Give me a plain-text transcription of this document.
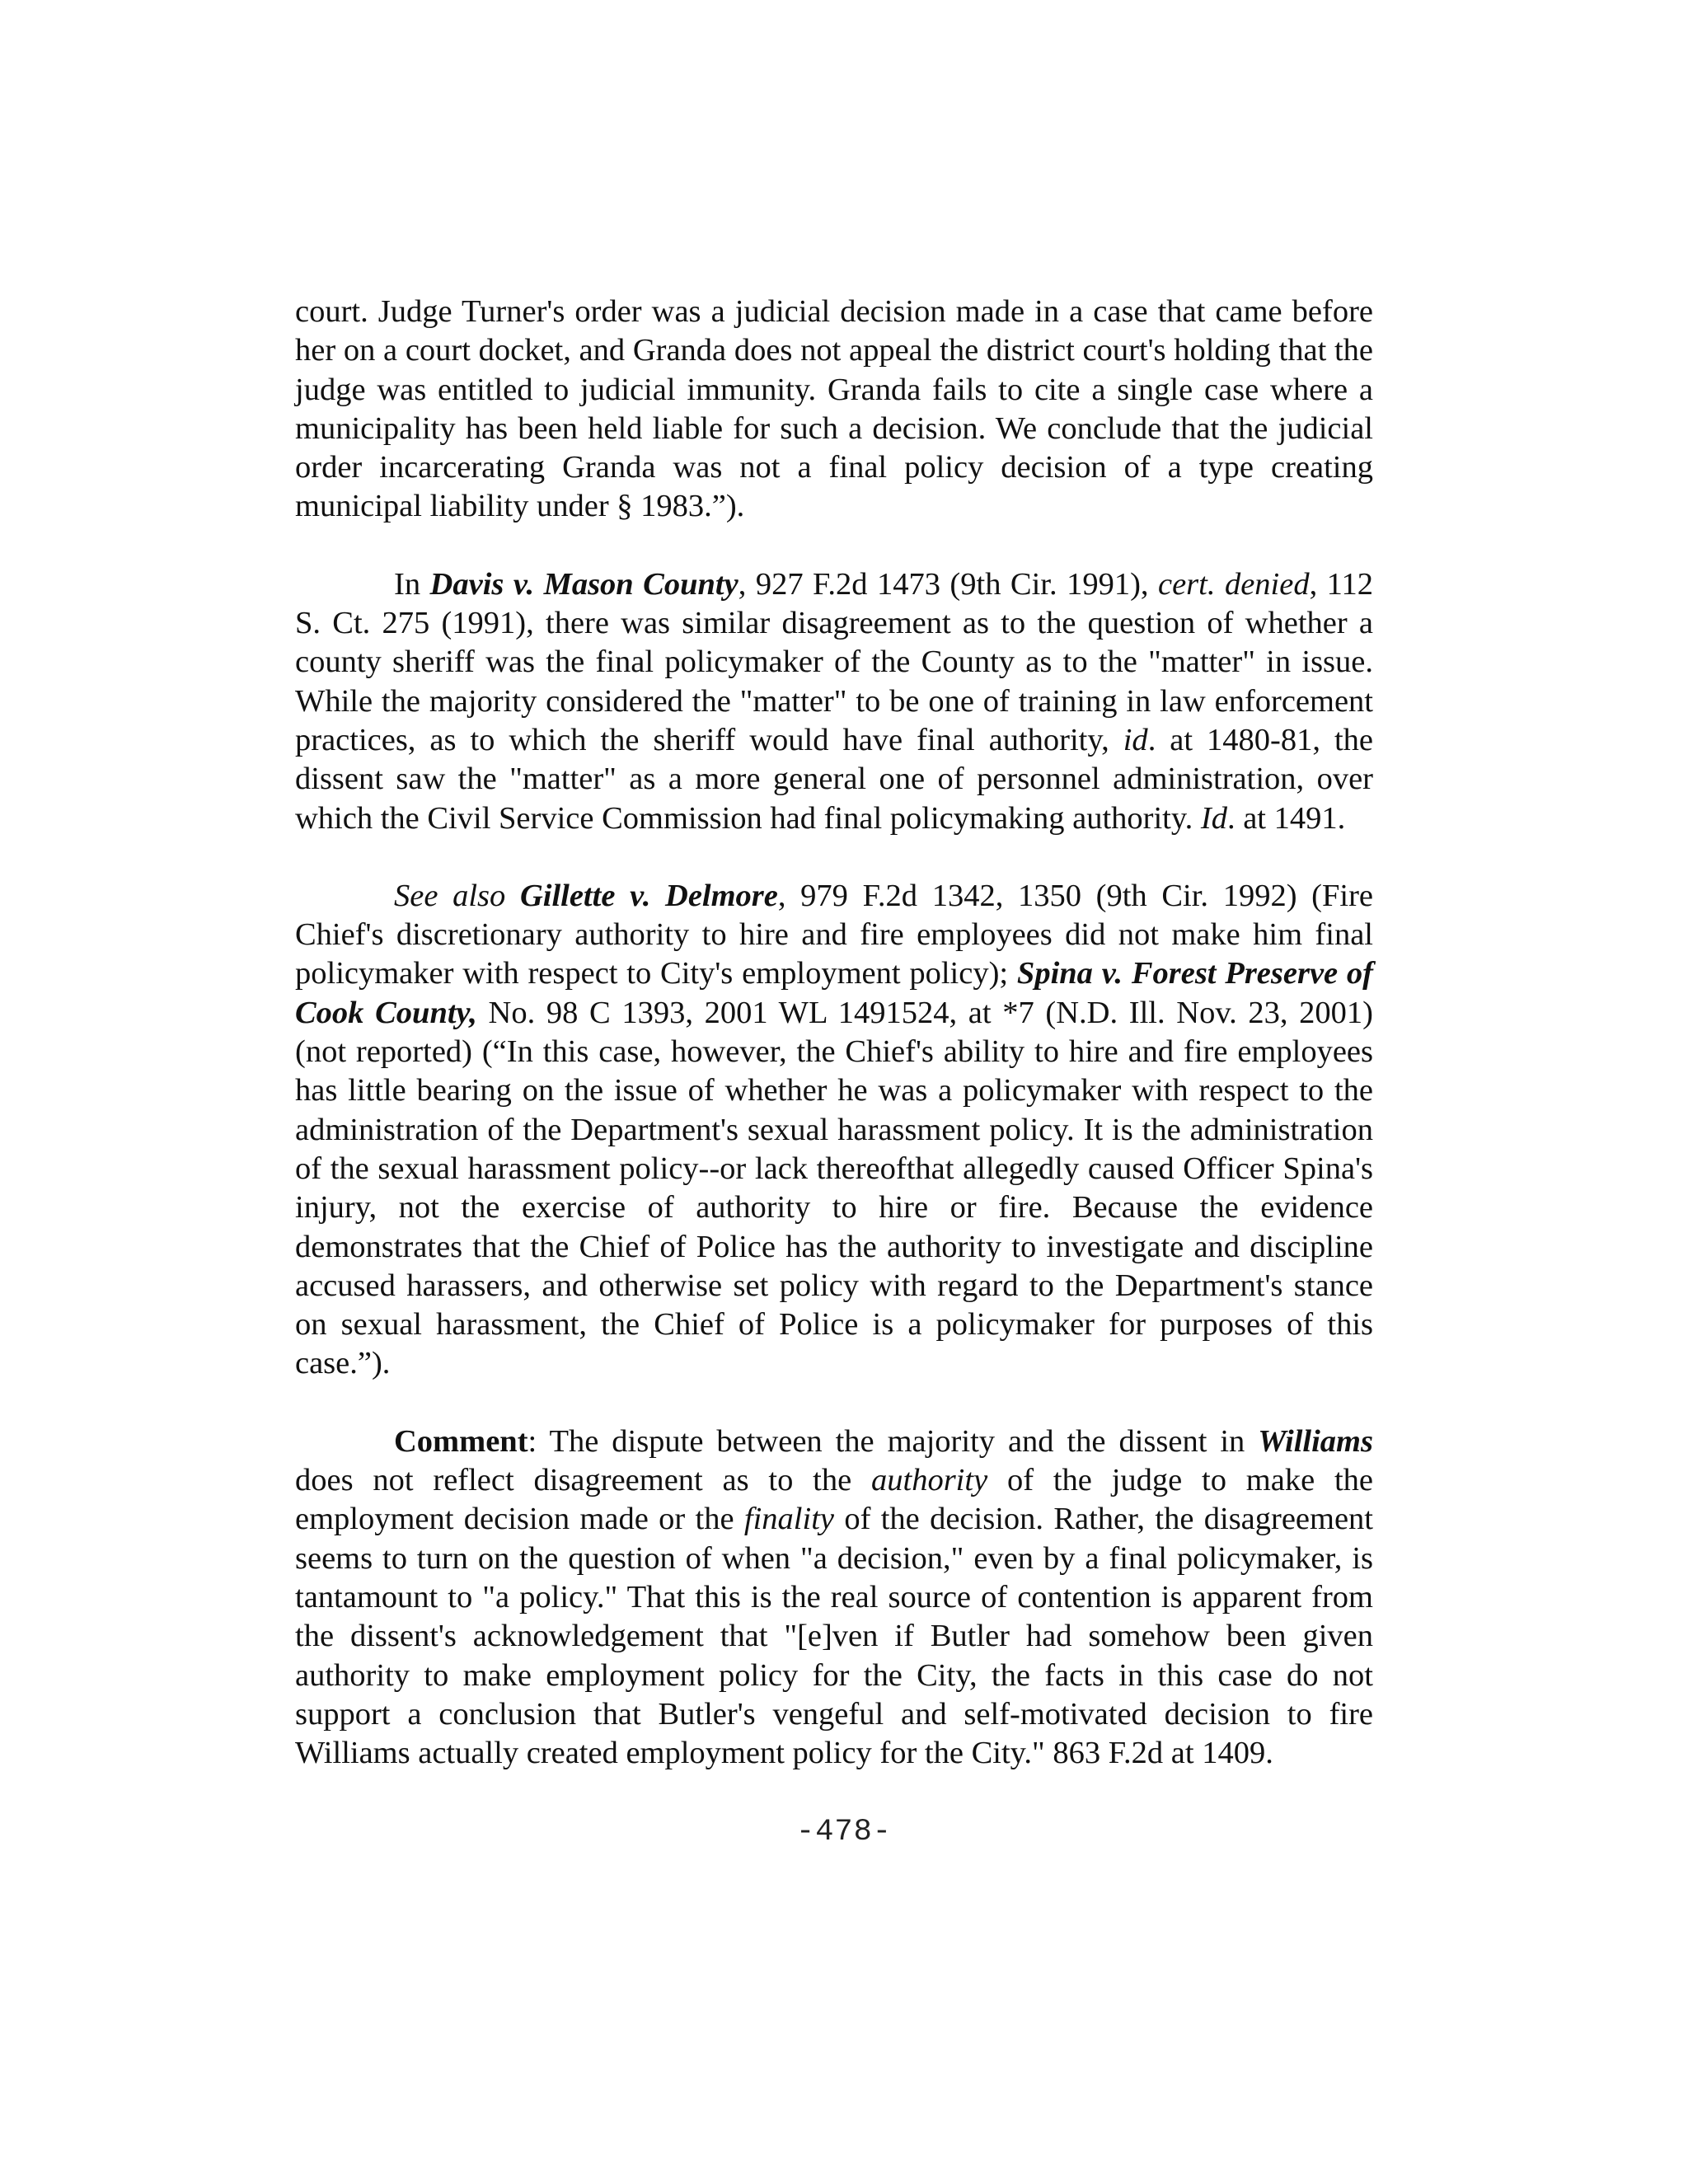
court. Judge Turner's order was a judicial decision made in a case that came before her on a court docket, and Granda does not appeal the district court's holding that the judge was entitled to judicial immunity. Granda fails to cite a single case where a municipality has been held liable for such a decision. We conclude that the judicial order incarcerating Granda was not a final policy decision of a type creating municipal liability under § 1983.”).

In Davis v. Mason County, 927 F.2d 1473 (9th Cir. 1991), cert. denied, 112 S. Ct. 275 (1991), there was similar disagreement as to the question of whether a county sheriff was the final policymaker of the County as to the "matter" in issue. While the majority considered the "matter" to be one of training in law enforcement practices, as to which the sheriff would have final authority, id. at 1480-81, the dissent saw the "matter" as a more general one of personnel administration, over which the Civil Service Commission had final policymaking authority. Id. at 1491.

See also Gillette v. Delmore, 979 F.2d 1342, 1350 (9th Cir. 1992) (Fire Chief's discretionary authority to hire and fire employees did not make him final policymaker with respect to City's employment policy); Spina v. Forest Preserve of Cook County, No. 98 C 1393, 2001 WL 1491524, at *7 (N.D. Ill. Nov. 23, 2001) (not reported) (“In this case, however, the Chief's ability to hire and fire employees has little bearing on the issue of whether he was a policymaker with respect to the administration of the Department's sexual harassment policy. It is the administration of the sexual harassment policy--or lack thereofthat allegedly caused Officer Spina's injury, not the exercise of authority to hire or fire. Because the evidence demonstrates that the Chief of Police has the authority to investigate and discipline accused harassers, and otherwise set policy with regard to the Department's stance on sexual harassment, the Chief of Police is a policymaker for purposes of this case.”).

Comment: The dispute between the majority and the dissent in Williams does not reflect disagreement as to the authority of the judge to make the employment decision made or the finality of the decision. Rather, the disagreement seems to turn on the question of when "a decision," even by a final policymaker, is tantamount to "a policy." That this is the real source of contention is apparent from the dissent's acknowledgement that "[e]ven if Butler had somehow been given authority to make employment policy for the City, the facts in this case do not support a conclusion that Butler's vengeful and self-motivated decision to fire Williams actually created employment policy for the City." 863 F.2d at 1409.

-478-
